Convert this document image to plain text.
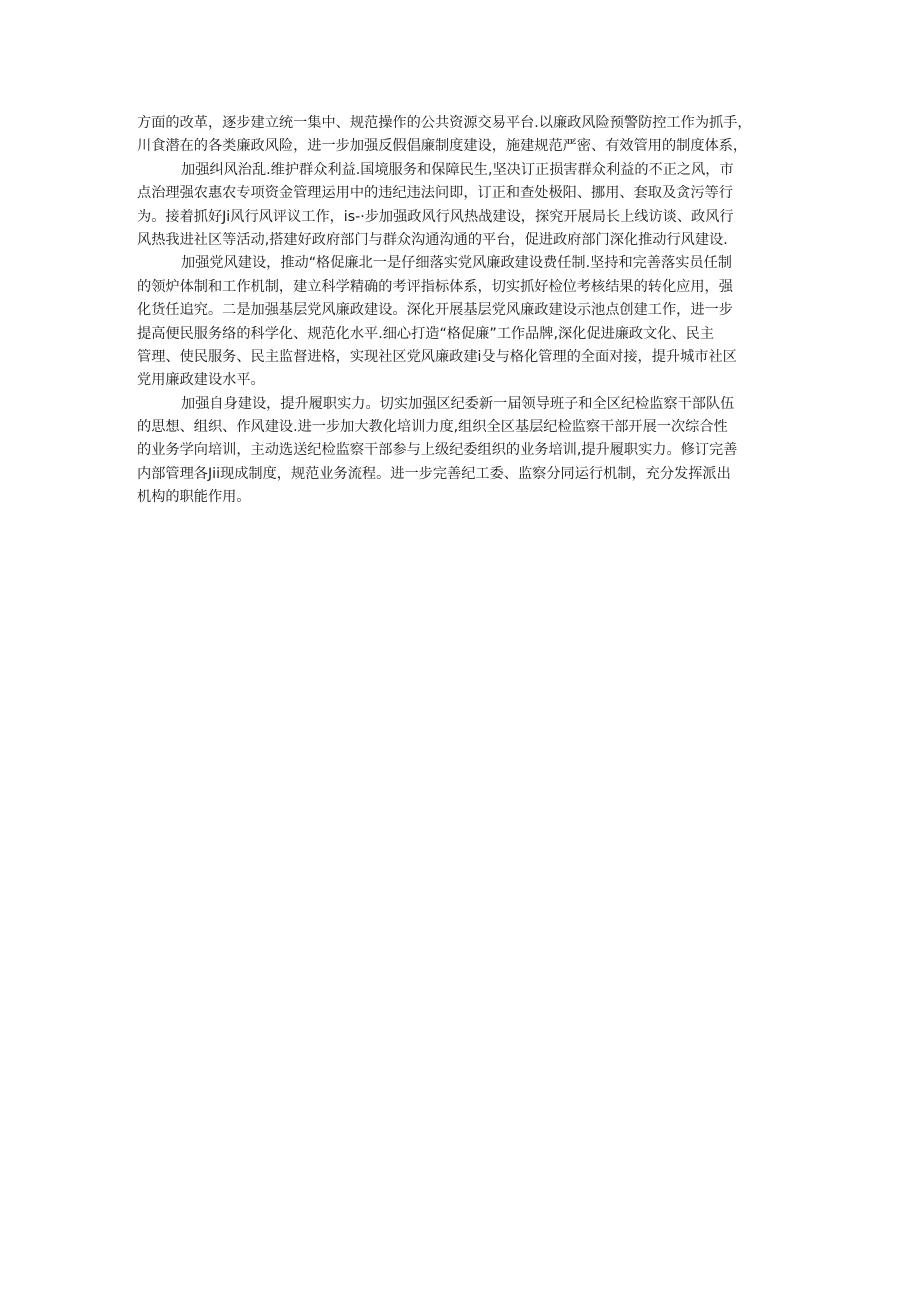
方面的改革，逐步建立统一集中、规范操作的公共资源交易平台.以廉政风险预警防控工作为抓手，
川食潜在的各类廉政风险，进一步加强反假倡廉制度建设，施建规范严密、有效管用的制度体系，
加强纠风治乱.维护群众利益.国境服务和保障民生,坚决订正损害群众利益的不正之风，市
点治理强农惠农专项资金管理运用中的违纪违法问即，订正和查处极阳、挪用、套取及贪污等行
为。接着抓好Ji风行风评议工作，is-·步加强政风行风热战建设，探究开展局长上线访谈、政风行
风热我进社区等活动,搭建好政府部门与群众沟通沟通的平台，促进政府部门深化推动行风建设.
加强党风建设，推动“格促廉北一是仔细落实党风廉政建设费任制.坚持和完善落实员任制
的领炉体制和工作机制，建立科学精确的考评指标体系，切实抓好检位考核结果的转化应用，强
化货任追究。二是加强基层党风廉政建设。深化开展基层党风廉政建设示池点创建工作，进一步
提高便民服务络的科学化、规范化水平.细心打造“格促廉”工作品牌,深化促进廉政文化、民主
管理、使民服务、民主监督进格，实现社区党风廉政建i殳与格化管理的全面对接，提升城市社区
党用廉政建设水平。
加强自身建设，提升履职实力。切实加强区纪委新一届领导班子和全区纪检监察干部队伍
的思想、组织、作风建设.进一步加大教化培训力度,组织全区基层纪检监察干部开展一次综合性
的业务学向培训，主动选送纪检监察干部参与上级纪委组织的业务培训,提升履职实力。修订完善
内部管理各Jii现成制度，规范业务流程。进一步完善纪工委、监察分同运行机制，充分发挥派出
机构的职能作用。
